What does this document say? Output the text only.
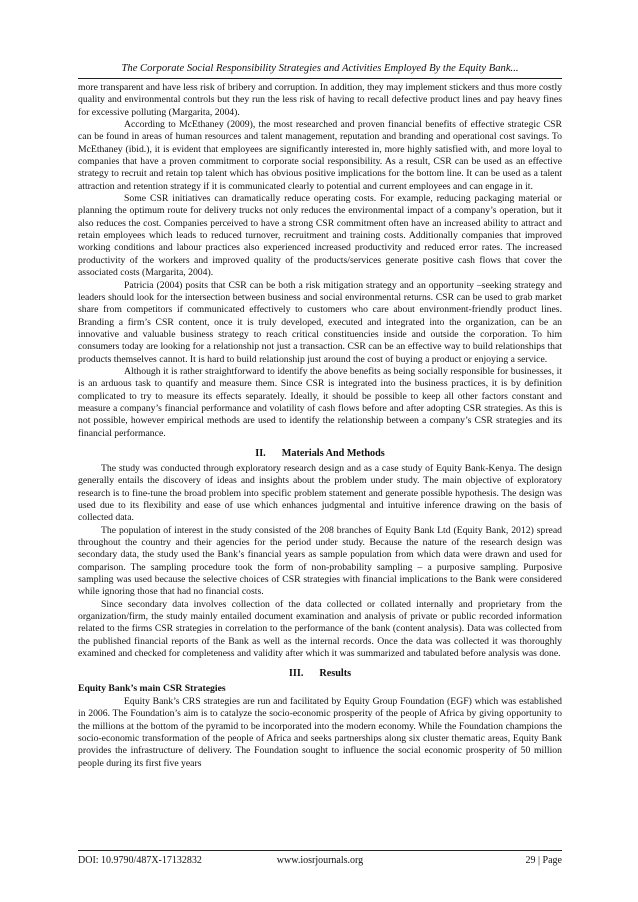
The Corporate Social Responsibility Strategies and Activities Employed By the Equity Bank...

more transparent and have less risk of bribery and corruption. In addition, they may implement stickers and thus more costly quality and environmental controls but they run the less risk of having to recall defective product lines and pay heavy fines for excessive polluting (Margarita, 2004).

According to McEthaney (2009), the most researched and proven financial benefits of effective strategic CSR can be found in areas of human resources and talent management, reputation and branding and operational cost savings. To McEthaney (ibid.), it is evident that employees are significantly interested in, more highly satisfied with, and more loyal to companies that have a proven commitment to corporate social responsibility. As a result, CSR can be used as an effective strategy to recruit and retain top talent which has obvious positive implications for the bottom line. It can be used as a talent attraction and retention strategy if it is communicated clearly to potential and current employees and can engage in it.

Some CSR initiatives can dramatically reduce operating costs. For example, reducing packaging material or planning the optimum route for delivery trucks not only reduces the environmental impact of a company’s operation, but it also reduces the cost. Companies perceived to have a strong CSR commitment often have an increased ability to attract and retain employees which leads to reduced turnover, recruitment and training costs. Additionally companies that improved working conditions and labour practices also experienced increased productivity and reduced error rates. The increased productivity of the workers and improved quality of the products/services generate positive cash flows that cover the associated costs (Margarita, 2004).

Patricia (2004) posits that CSR can be both a risk mitigation strategy and an opportunity –seeking strategy and leaders should look for the intersection between business and social environmental returns. CSR can be used to grab market share from competitors if communicated effectively to customers who care about environment-friendly product lines. Branding a firm’s CSR content, once it is truly developed, executed and integrated into the organization, can be an innovative and valuable business strategy to reach critical constituencies inside and outside the corporation. To him consumers today are looking for a relationship not just a transaction. CSR can be an effective way to build relationships that products themselves cannot. It is hard to build relationship just around the cost of buying a product or enjoying a service.

Although it is rather straightforward to identify the above benefits as being socially responsible for businesses, it is an arduous task to quantify and measure them. Since CSR is integrated into the business practices, it is by definition complicated to try to measure its effects separately. Ideally, it should be possible to keep all other factors constant and measure a company’s financial performance and volatility of cash flows before and after adopting CSR strategies. As this is not possible, however empirical methods are used to identify the relationship between a company’s CSR strategies and its financial performance.

II. Materials And Methods

The study was conducted through exploratory research design and as a case study of Equity Bank-Kenya. The design generally entails the discovery of ideas and insights about the problem under study. The main objective of exploratory research is to fine-tune the broad problem into specific problem statement and generate possible hypothesis. The design was used due to its flexibility and ease of use which enhances judgmental and intuitive inference drawing on the basis of collected data.

The population of interest in the study consisted of the 208 branches of Equity Bank Ltd (Equity Bank, 2012) spread throughout the country and their agencies for the period under study. Because the nature of the research design was secondary data, the study used the Bank’s financial years as sample population from which data were drawn and used for comparison. The sampling procedure took the form of non-probability sampling – a purposive sampling. Purposive sampling was used because the selective choices of CSR strategies with financial implications to the Bank were considered while ignoring those that had no financial costs.

Since secondary data involves collection of the data collected or collated internally and proprietary from the organization/firm, the study mainly entailed document examination and analysis of private or public recorded information related to the firms CSR strategies in correlation to the performance of the bank (content analysis). Data was collected from the published financial reports of the Bank as well as the internal records. Once the data was collected it was thoroughly examined and checked for completeness and validity after which it was summarized and tabulated before analysis was done.

III. Results
Equity Bank’s main CSR Strategies

Equity Bank’s CRS strategies are run and facilitated by Equity Group Foundation (EGF) which was established in 2006. The Foundation’s aim is to catalyze the socio-economic prosperity of the people of Africa by giving opportunity to the millions at the bottom of the pyramid to be incorporated into the modern economy. While the Foundation champions the socio-economic transformation of the people of Africa and seeks partnerships along six cluster thematic areas, Equity Bank provides the infrastructure of delivery. The Foundation sought to influence the social economic prosperity of 50 million people during its first five years

DOI: 10.9790/487X-17132832	www.iosrjournals.org	29 | Page
